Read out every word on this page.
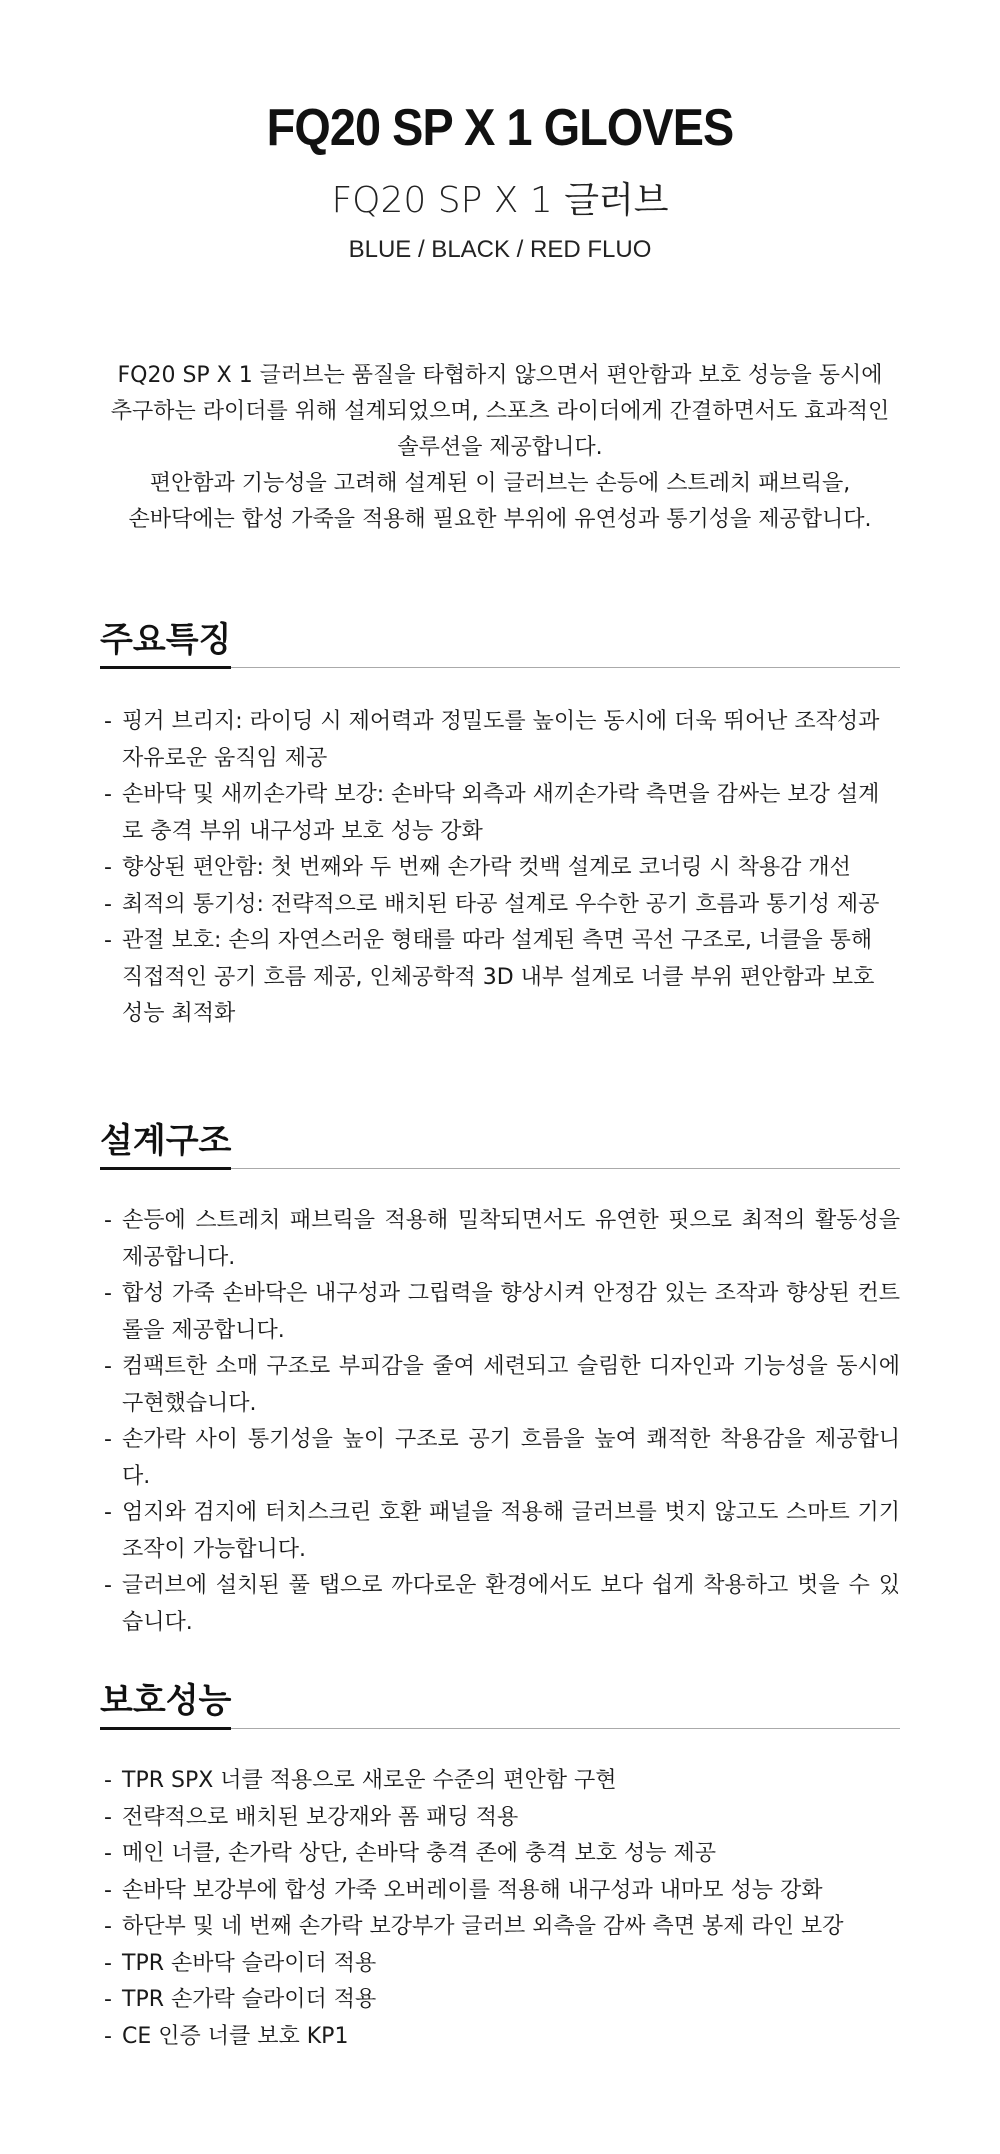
FQ20 SP X 1 GLOVES
FQ20 SP X 1 글러브
BLUE / BLACK / RED FLUO

FQ20 SP X 1 글러브는 품질을 타협하지 않으면서 편안함과 보호 성능을 동시에

추구하는 라이더를 위해 설계되었으며, 스포츠 라이더에게 간결하면서도 효과적인

솔루션을 제공합니다.

편안함과 기능성을 고려해 설계된 이 글러브는 손등에 스트레치 패브릭을,

손바닥에는 합성 가죽을 적용해 필요한 부위에 유연성과 통기성을 제공합니다.

주요특징
- 핑거 브리지: 라이딩 시 제어력과 정밀도를 높이는 동시에 더욱 뛰어난 조작성과 자유로운 움직임 제공
- 손바닥 및 새끼손가락 보강: 손바닥 외측과 새끼손가락 측면을 감싸는 보강 설계로 충격 부위 내구성과 보호 성능 강화
- 향상된 편안함: 첫 번째와 두 번째 손가락 컷백 설계로 코너링 시 착용감 개선
- 최적의 통기성: 전략적으로 배치된 타공 설계로 우수한 공기 흐름과 통기성 제공
- 관절 보호: 손의 자연스러운 형태를 따라 설계된 측면 곡선 구조로, 너클을 통해 직접적인 공기 흐름 제공, 인체공학적 3D 내부 설계로 너클 부위 편안함과 보호 성능 최적화
설계구조
- 손등에 스트레치 패브릭을 적용해 밀착되면서도 유연한 핏으로 최적의 활동성을 제공합니다.
- 합성 가죽 손바닥은 내구성과 그립력을 향상시켜 안정감 있는 조작과 향상된 컨트롤을 제공합니다.
- 컴팩트한 소매 구조로 부피감을 줄여 세련되고 슬림한 디자인과 기능성을 동시에 구현했습니다.
- 손가락 사이 통기성을 높이 구조로 공기 흐름을 높여 쾌적한 착용감을 제공합니다.
- 엄지와 검지에 터치스크린 호환 패널을 적용해 글러브를 벗지 않고도 스마트 기기 조작이 가능합니다.
- 글러브에 설치된 풀 탭으로 까다로운 환경에서도 보다 쉽게 착용하고 벗을 수 있습니다.
보호성능
- TPR SPX 너클 적용으로 새로운 수준의 편안함 구현
- 전략적으로 배치된 보강재와 폼 패딩 적용
- 메인 너클, 손가락 상단, 손바닥 충격 존에 충격 보호 성능 제공
- 손바닥 보강부에 합성 가죽 오버레이를 적용해 내구성과 내마모 성능 강화
- 하단부 및 네 번째 손가락 보강부가 글러브 외측을 감싸 측면 봉제 라인 보강
- TPR 손바닥 슬라이더 적용
- TPR 손가락 슬라이더 적용
- CE 인증 너클 보호 KP1
